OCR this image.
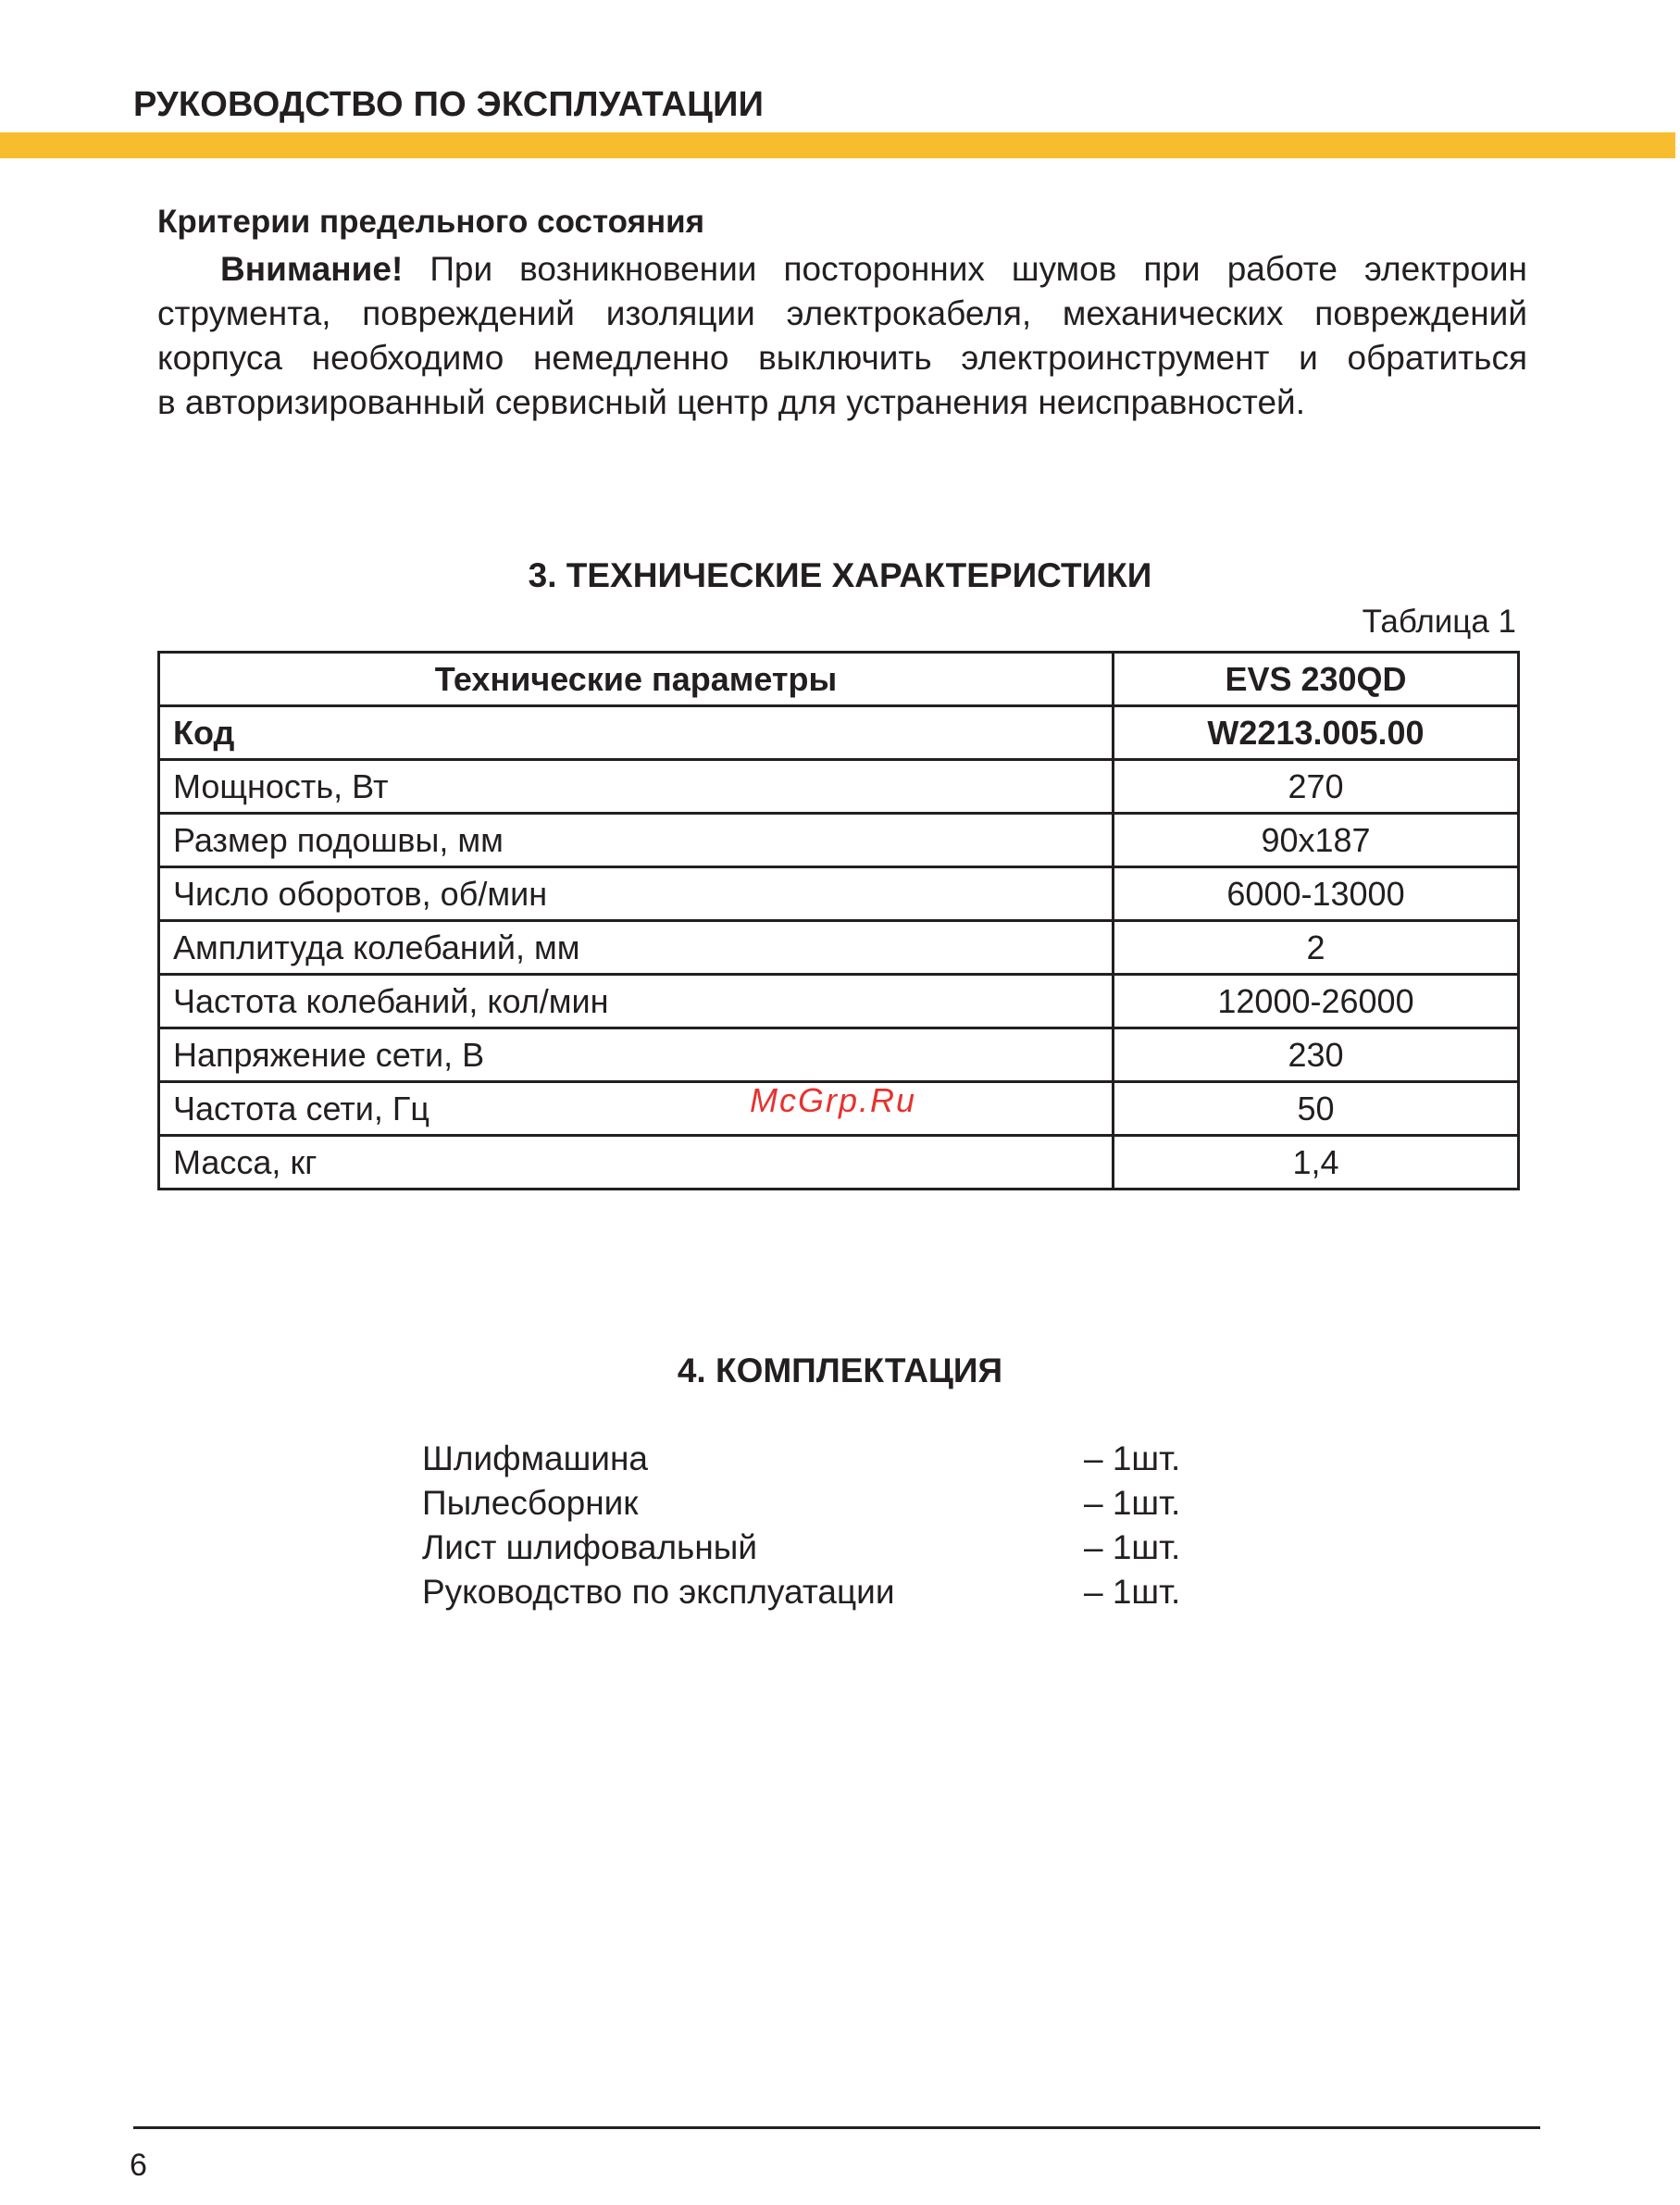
РУКОВОДСТВО ПО ЭКСПЛУАТАЦИИ
Критерии предельного состояния
Внимание! При возникновении посторонних шумов при работе электроин
струмента, повреждений изоляции электрокабеля, механических повреждений
корпуса необходимо немедленно выключить электроинструмент и обратиться
в авторизированный сервисный центр для устранения неисправностей.
3. ТЕХНИЧЕСКИЕ ХАРАКТЕРИСТИКИ
Таблица 1
Технические параметры	EVS 230QD
Код	W2213.005.00
Мощность, Вт	270
Размер подошвы, мм	90x187
Число оборотов, об/мин	6000-13000
Амплитуда колебаний, мм	2
Частота колебаний, кол/мин	12000-26000
Напряжение сети, В	230
Частота сети, Гц	50
Масса, кг	1,4
McGrp.Ru
4. КОМПЛЕКТАЦИЯ
Шлифмашина	– 1шт.
Пылесборник	– 1шт.
Лист шлифовальный	– 1шт.
Руководство по эксплуатации	– 1шт.
6
